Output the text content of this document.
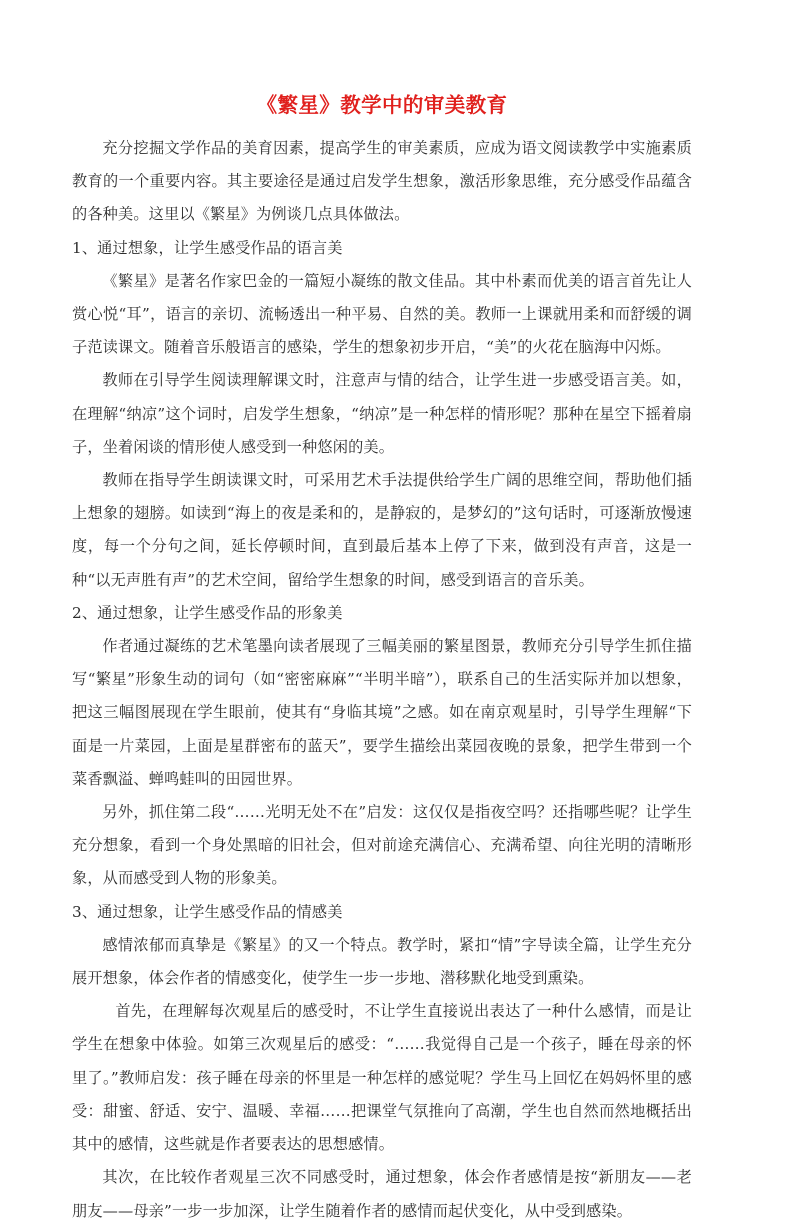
《繁星》教学中的审美教育

充分挖掘文学作品的美育因素，提高学生的审美素质，应成为语文阅读教学中实施素质教育的一个重要内容。其主要途径是通过启发学生想象，激活形象思维，充分感受作品蕴含的各种美。这里以《繁星》为例谈几点具体做法。

1、通过想象，让学生感受作品的语言美

《繁星》是著名作家巴金的一篇短小凝练的散文佳品。其中朴素而优美的语言首先让人赏心悦“耳”，语言的亲切、流畅透出一种平易、自然的美。教师一上课就用柔和而舒缓的调子范读课文。随着音乐般语言的感染，学生的想象初步开启，“美”的火花在脑海中闪烁。

教师在引导学生阅读理解课文时，注意声与情的结合，让学生进一步感受语言美。如，在理解“纳凉”这个词时，启发学生想象，“纳凉”是一种怎样的情形呢？那种在星空下摇着扇子，坐着闲谈的情形使人感受到一种悠闲的美。

教师在指导学生朗读课文时，可采用艺术手法提供给学生广阔的思维空间，帮助他们插上想象的翅膀。如读到“海上的夜是柔和的，是静寂的，是梦幻的”这句话时，可逐渐放慢速度，每一个分句之间，延长停顿时间，直到最后基本上停了下来，做到没有声音，这是一种“以无声胜有声”的艺术空间，留给学生想象的时间，感受到语言的音乐美。

2、通过想象，让学生感受作品的形象美

作者通过凝练的艺术笔墨向读者展现了三幅美丽的繁星图景，教师充分引导学生抓住描写“繁星”形象生动的词句（如“密密麻麻”“半明半暗”），联系自己的生活实际并加以想象，把这三幅图展现在学生眼前，使其有“身临其境”之感。如在南京观星时，引导学生理解“下面是一片菜园，上面是星群密布的蓝天”，要学生描绘出菜园夜晚的景象，把学生带到一个菜香飘溢、蝉鸣蛙叫的田园世界。

另外，抓住第二段“……光明无处不在”启发：这仅仅是指夜空吗？还指哪些呢？让学生充分想象，看到一个身处黑暗的旧社会，但对前途充满信心、充满希望、向往光明的清晰形象，从而感受到人物的形象美。

3、通过想象，让学生感受作品的情感美

感情浓郁而真挚是《繁星》的又一个特点。教学时，紧扣“情”字导读全篇，让学生充分展开想象，体会作者的情感变化，使学生一步一步地、潜移默化地受到熏染。

首先，在理解每次观星后的感受时，不让学生直接说出表达了一种什么感情，而是让学生在想象中体验。如第三次观星后的感受：“……我觉得自己是一个孩子，睡在母亲的怀里了。”教师启发：孩子睡在母亲的怀里是一种怎样的感觉呢？学生马上回忆在妈妈怀里的感受：甜蜜、舒适、安宁、温暖、幸福……把课堂气氛推向了高潮，学生也自然而然地概括出其中的感情，这些就是作者要表达的思想感情。

其次，在比较作者观星三次不同感受时，通过想象，体会作者感情是按“新朋友——老朋友——母亲”一步一步加深，让学生随着作者的感情而起伏变化，从中受到感染。
